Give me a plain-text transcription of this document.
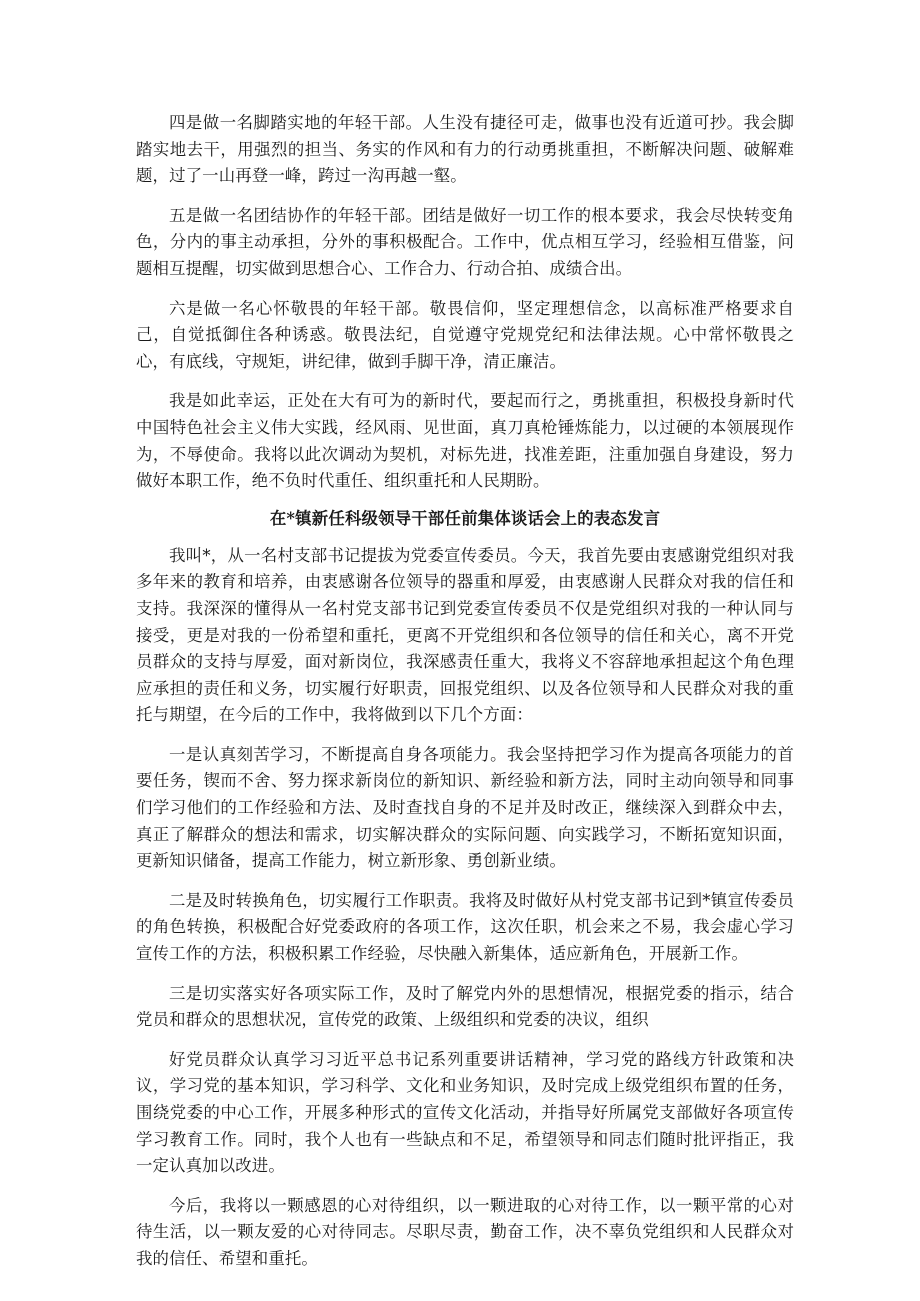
四是做一名脚踏实地的年轻干部。人生没有捷径可走，做事也没有近道可抄。我会脚踏实地去干，用强烈的担当、务实的作风和有力的行动勇挑重担，不断解决问题、破解难题，过了一山再登一峰，跨过一沟再越一壑。

五是做一名团结协作的年轻干部。团结是做好一切工作的根本要求，我会尽快转变角色，分内的事主动承担，分外的事积极配合。工作中，优点相互学习，经验相互借鉴，问题相互提醒，切实做到思想合心、工作合力、行动合拍、成绩合出。

六是做一名心怀敬畏的年轻干部。敬畏信仰，坚定理想信念，以高标准严格要求自己，自觉抵御住各种诱惑。敬畏法纪，自觉遵守党规党纪和法律法规。心中常怀敬畏之心，有底线，守规矩，讲纪律，做到手脚干净，清正廉洁。

我是如此幸运，正处在大有可为的新时代，要起而行之，勇挑重担，积极投身新时代中国特色社会主义伟大实践，经风雨、见世面，真刀真枪锤炼能力，以过硬的本领展现作为，不辱使命。我将以此次调动为契机，对标先进，找准差距，注重加强自身建设，努力做好本职工作，绝不负时代重任、组织重托和人民期盼。

在*镇新任科级领导干部任前集体谈话会上的表态发言

我叫*，从一名村支部书记提拔为党委宣传委员。今天，我首先要由衷感谢党组织对我多年来的教育和培养，由衷感谢各位领导的器重和厚爱，由衷感谢人民群众对我的信任和支持。我深深的懂得从一名村党支部书记到党委宣传委员不仅是党组织对我的一种认同与接受，更是对我的一份希望和重托，更离不开党组织和各位领导的信任和关心，离不开党员群众的支持与厚爱，面对新岗位，我深感责任重大，我将义不容辞地承担起这个角色理应承担的责任和义务，切实履行好职责，回报党组织、以及各位领导和人民群众对我的重托与期望，在今后的工作中，我将做到以下几个方面：

一是认真刻苦学习，不断提高自身各项能力。我会坚持把学习作为提高各项能力的首要任务，锲而不舍、努力探求新岗位的新知识、新经验和新方法，同时主动向领导和同事们学习他们的工作经验和方法、及时查找自身的不足并及时改正，继续深入到群众中去，真正了解群众的想法和需求，切实解决群众的实际问题、向实践学习，不断拓宽知识面，更新知识储备，提高工作能力，树立新形象、勇创新业绩。

二是及时转换角色，切实履行工作职责。我将及时做好从村党支部书记到*镇宣传委员的角色转换，积极配合好党委政府的各项工作，这次任职，机会来之不易，我会虚心学习宣传工作的方法，积极积累工作经验，尽快融入新集体，适应新角色，开展新工作。

三是切实落实好各项实际工作，及时了解党内外的思想情况，根据党委的指示，结合党员和群众的思想状况，宣传党的政策、上级组织和党委的决议，组织

好党员群众认真学习习近平总书记系列重要讲话精神，学习党的路线方针政策和决议，学习党的基本知识，学习科学、文化和业务知识，及时完成上级党组织布置的任务，围绕党委的中心工作，开展多种形式的宣传文化活动，并指导好所属党支部做好各项宣传学习教育工作。同时，我个人也有一些缺点和不足，希望领导和同志们随时批评指正，我一定认真加以改进。

今后，我将以一颗感恩的心对待组织，以一颗进取的心对待工作，以一颗平常的心对待生活，以一颗友爱的心对待同志。尽职尽责，勤奋工作，决不辜负党组织和人民群众对我的信任、希望和重托。
